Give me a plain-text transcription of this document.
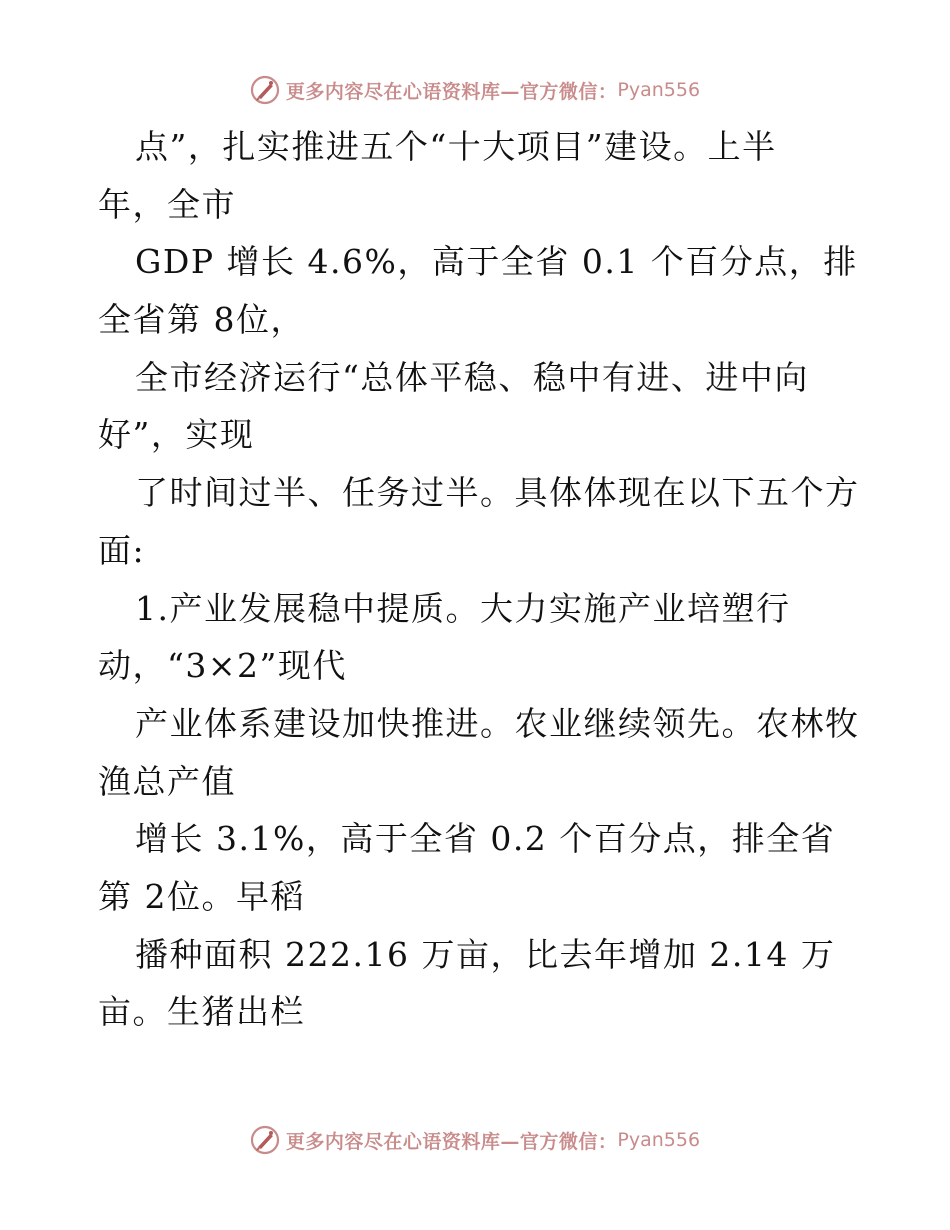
更多内容尽在心语资料库—官方微信： Pyan556
点”，扎实推进五个“十大项目”建设。上半
年，全市
GDP 增长 4.6%，高于全省 0.1 个百分点，排
全省第 8位，
全市经济运行“总体平稳、稳中有进、进中向
好”，实现
了时间过半、任务过半。具体体现在以下五个方
面:
1.产业发展稳中提质。大力实施产业培塑行
动，“3×2”现代
产业体系建设加快推进。农业继续领先。农林牧
渔总产值
增长 3.1%，高于全省 0.2 个百分点，排全省
第 2位。早稻
播种面积 222.16 万亩，比去年增加 2.14 万
亩。生猪出栏
更多内容尽在心语资料库—官方微信： Pyan556
